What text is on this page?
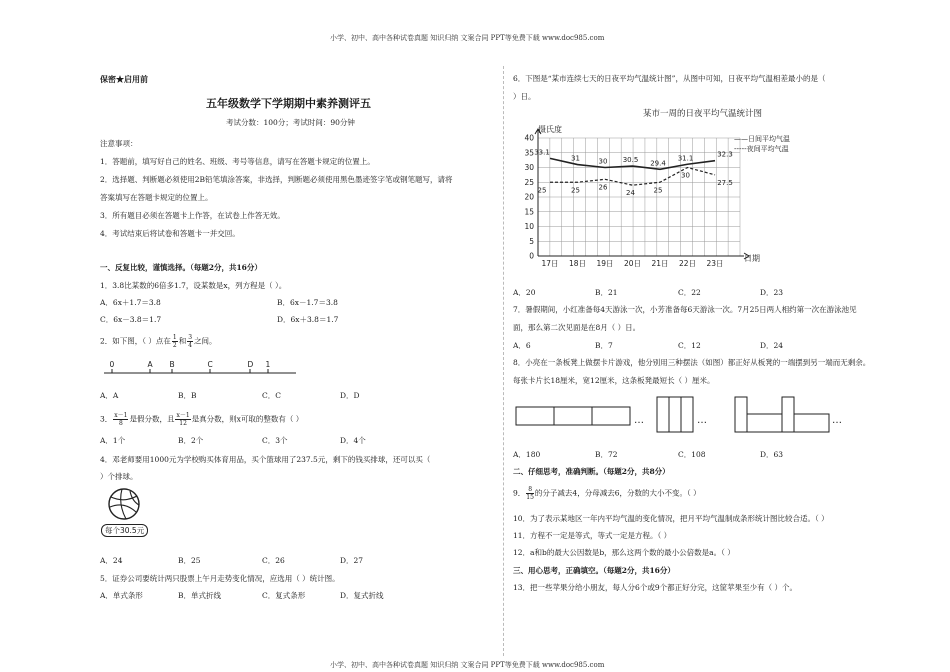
小学、初中、高中各种试卷真题 知识归纳 文案合同 PPT等免费下载 www.doc985.com
小学、初中、高中各种试卷真题 知识归纳 文案合同 PPT等免费下载 www.doc985.com
保密★启用前
五年级数学下学期期中素养测评五
考试分数：100分；考试时间：90分钟
注意事项：
1．答题前，填写好自己的姓名、班级、考号等信息，请写在答题卡规定的位置上。
2．选择题、判断题必须使用2B铅笔填涂答案，非选择，判断题必须使用黑色墨迹签字笔或钢笔题写，请将
答案填写在答题卡规定的位置上。
3．所有题目必须在答题卡上作答，在试卷上作答无效。
4．考试结束后将试卷和答题卡一并交回。
一、反复比较，谨慎选择。（每题2分，共16分）
1．3.8比某数的6倍多1.7，设某数是x，列方程是（ ）。
A．6x＋1.7＝3.8	B．6x－1.7＝3.8
C．6x－3.8＝1.7	D．6x＋3.8＝1.7
2．如下图，（ ）点在 $\frac{1}{2}$ 和 $\frac{3}{4}$ 之间。
0	A B	C	D 1
A．A	B．B	C．C	D．D
3． $\frac{x-1}{8}$ 是假分数，且 $\frac{x-1}{12}$ 是真分数，则x可取的整数有（ ）
A．1个	B．2个	C．3个	D．4个
4．邓老师要用1000元为学校购买体育用品，买个篮球用了237.5元，剩下的钱买排球，还可以买（
）个排球。
每个30.5元
A．24	B．25	C．26	D．27
5．证券公司要统计两只股票上午月走势变化情况，应选用（ ）统计图。
A．单式条形	B．单式折线	C．复式条形	D．复式折线
6．下图是“某市连续七天的日夜平均气温统计图”，从图中可知，日夜平均气温相差最小的是（
）日。
某市一周的日夜平均气温统计图
0
5
10
15
20
25
30
35
40
17日 18日 19日 20日 21日 22日 23日
33.1
31	30 30.5 29.4
31.1	32.3
25	25	26
24	25
30
27.5
摄氏度
日期
——日间平均气温
-----夜间平均气温
A．20	B．21	C．22	D．23
7．暑假期间，小红准备每4天游泳一次，小芳准备每6天游泳一次。7月25日两人相约第一次在游泳池见
面，那么第二次见面是在8月（ ）日。
A．6	B．7	C．12	D．24
8．小亮在一条板凳上做摆卡片游戏，他分别用三种摆法（如图）都正好从板凳的一端摆到另一端而无剩余。
每张卡片长18厘米，宽12厘米，这条板凳最短长（ ）厘米。
…	…	…
A．180	B．72	C．108	D．63
二、仔细思考，准确判断。（每题2分，共8分）
9． $\frac{8}{15}$ 的分子减去4，分母减去6，分数的大小不变。（ ）
10．为了表示某地区一年内平均气温的变化情况，把月平均气温制成条形统计图比较合适。（ ）
11．方程不一定是等式，等式一定是方程。（ ）
12．a和b的最大公因数是b，那么这两个数的最小公倍数是a。（ ）
三、用心思考，正确填空。（每题2分，共16分）
13．把一些苹果分给小朋友，每人分6个或9个都正好分完，这筐苹果至少有（ ）个。
